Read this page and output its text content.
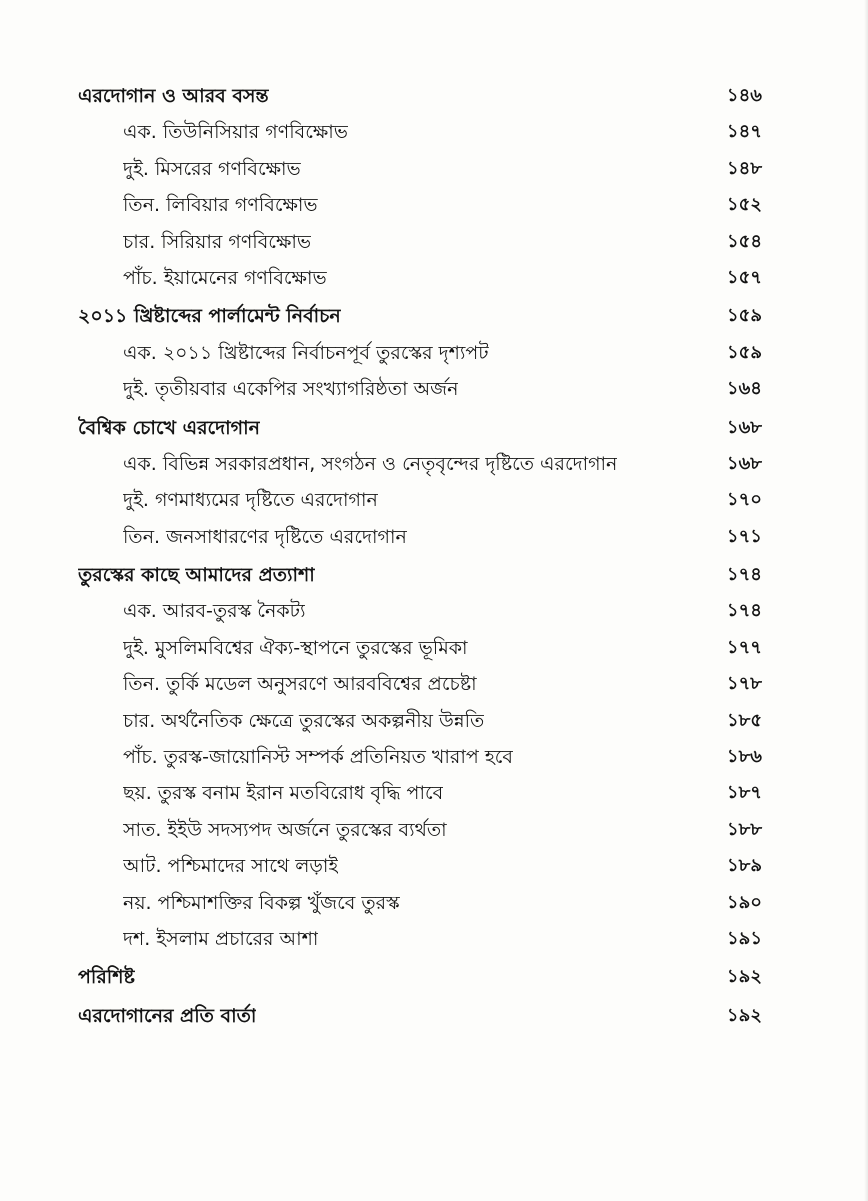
এরদোগান ও আরব বসন্ত	১৪৬
এক. তিউনিসিয়ার গণবিক্ষোভ	১৪৭
দুই. মিসরের গণবিক্ষোভ	১৪৮
তিন. লিবিয়ার গণবিক্ষোভ	১৫২
চার. সিরিয়ার গণবিক্ষোভ	১৫৪
পাঁচ. ইয়ামেনের গণবিক্ষোভ	১৫৭
২০১১ খ্রিষ্টাব্দের পার্লামেন্ট নির্বাচন	১৫৯
এক. ২০১১ খ্রিষ্টাব্দের নির্বাচনপূর্ব তুরস্কের দৃশ্যপট	১৫৯
দুই. তৃতীয়বার একেপির সংখ্যাগরিষ্ঠতা অর্জন	১৬৪
বৈশ্বিক চোখে এরদোগান	১৬৮
এক. বিভিন্ন সরকারপ্রধান, সংগঠন ও নেতৃবৃন্দের দৃষ্টিতে এরদোগান	১৬৮
দুই. গণমাধ্যমের দৃষ্টিতে এরদোগান	১৭০
তিন. জনসাধারণের দৃষ্টিতে এরদোগান	১৭১
তুরস্কের কাছে আমাদের প্রত্যাশা	১৭৪
এক. আরব-তুরস্ক নৈকট্য	১৭৪
দুই. মুসলিমবিশ্বের ঐক্য-স্থাপনে তুরস্কের ভূমিকা	১৭৭
তিন. তুর্কি মডেল অনুসরণে আরববিশ্বের প্রচেষ্টা	১৭৮
চার. অর্থনৈতিক ক্ষেত্রে তুরস্কের অকল্পনীয় উন্নতি	১৮৫
পাঁচ. তুরস্ক-জায়োনিস্ট সম্পর্ক প্রতিনিয়ত খারাপ হবে	১৮৬
ছয়. তুরস্ক বনাম ইরান মতবিরোধ বৃদ্ধি পাবে	১৮৭
সাত. ইইউ সদস্যপদ অর্জনে তুরস্কের ব্যর্থতা	১৮৮
আট. পশ্চিমাদের সাথে লড়াই	১৮৯
নয়. পশ্চিমাশক্তির বিকল্প খুঁজবে তুরস্ক	১৯০
দশ. ইসলাম প্রচারের আশা	১৯১
পরিশিষ্ট	১৯২
এরদোগানের প্রতি বার্তা	১৯২
